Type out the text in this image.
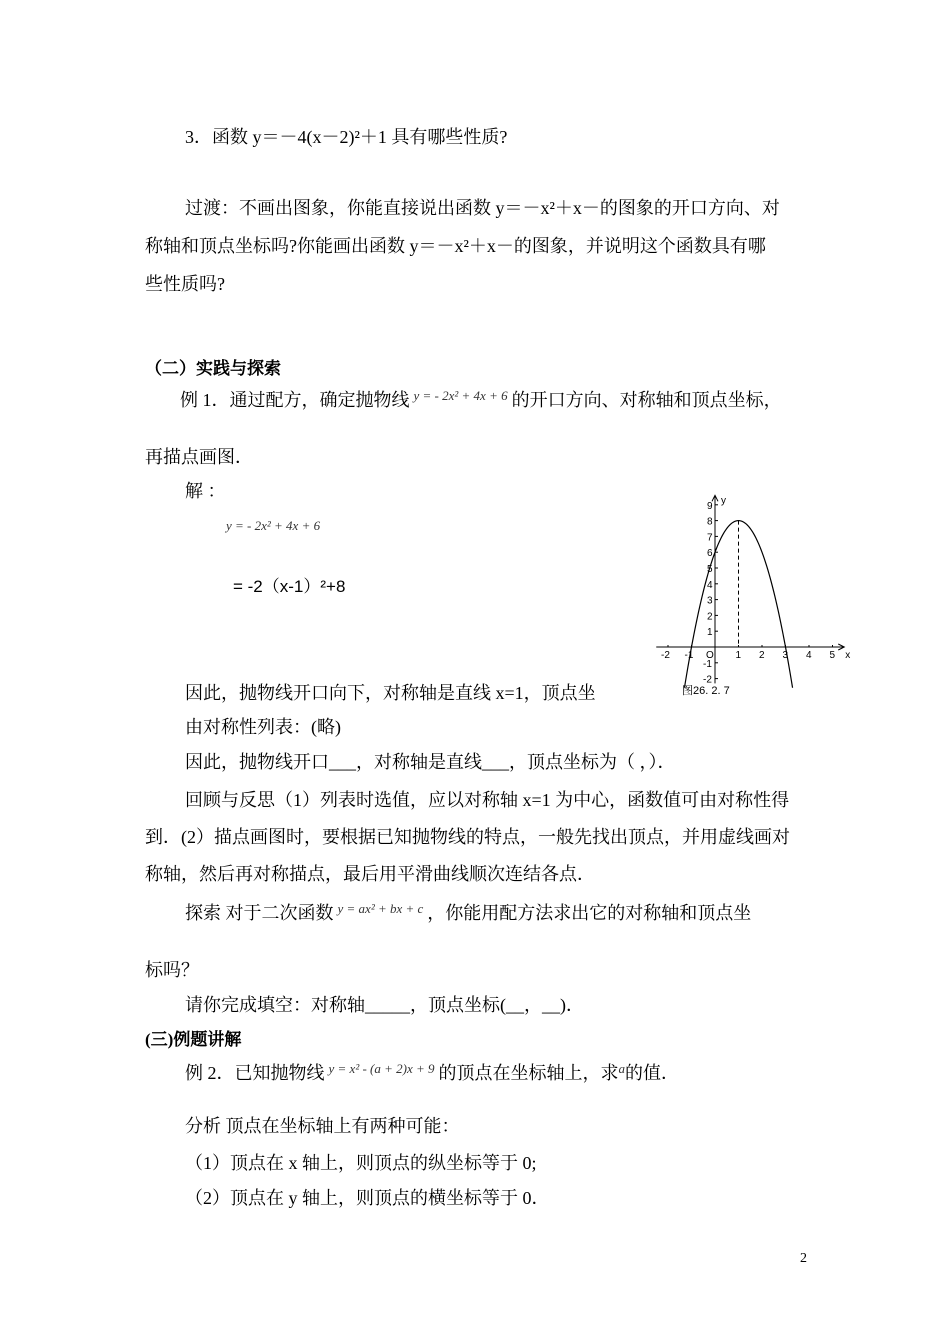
3．函数 y＝－4(x－2)²＋1 具有哪些性质?
过渡：不画出图象，你能直接说出函数 y＝－x²＋x－的图象的开口方向、对
称轴和顶点坐标吗?你能画出函数 y＝－x²＋x－的图象，并说明这个函数具有哪
些性质吗?
（二）实践与探索
例 1．通过配方，确定抛物线 $^{y = - 2x^2 + 4x + 6}$ 的开口方向、对称轴和顶点坐标，
再描点画图．
解 ：
y = - 2x² + 4x + 6
= -2（x-1）²+8
-2 -1	1 2 3 4 5
1
2
3
4
5
6
7
8
9
-1
-2
x
y
O
图26. 2. 7
因此，抛物线开口向下，对称轴是直线 x=1，顶点坐
由对称性列表：(略)
因此，抛物线开口___，对称轴是直线___，顶点坐标为（ ，）．
回顾与反思（1）列表时选值，应以对称轴 x=1 为中心，函数值可由对称性得
到．(2）描点画图时，要根据已知抛物线的特点，一般先找出顶点，并用虚线画对
称轴，然后再对称描点，最后用平滑曲线顺次连结各点．
探索 对于二次函数 $^{y = ax^2 + bx + c}$ ，你能用配方法求出它的对称轴和顶点坐
标吗？
请你完成填空：对称轴_____，顶点坐标(__，__)．
(三)例题讲解
例 2．已知抛物线 $^{y = x^2 - (a + 2)x + 9}$ 的顶点在坐标轴上，求$^a$的值．
分析 顶点在坐标轴上有两种可能：
（1）顶点在 x 轴上，则顶点的纵坐标等于 0;
（2）顶点在 y 轴上，则顶点的横坐标等于 0．
2
